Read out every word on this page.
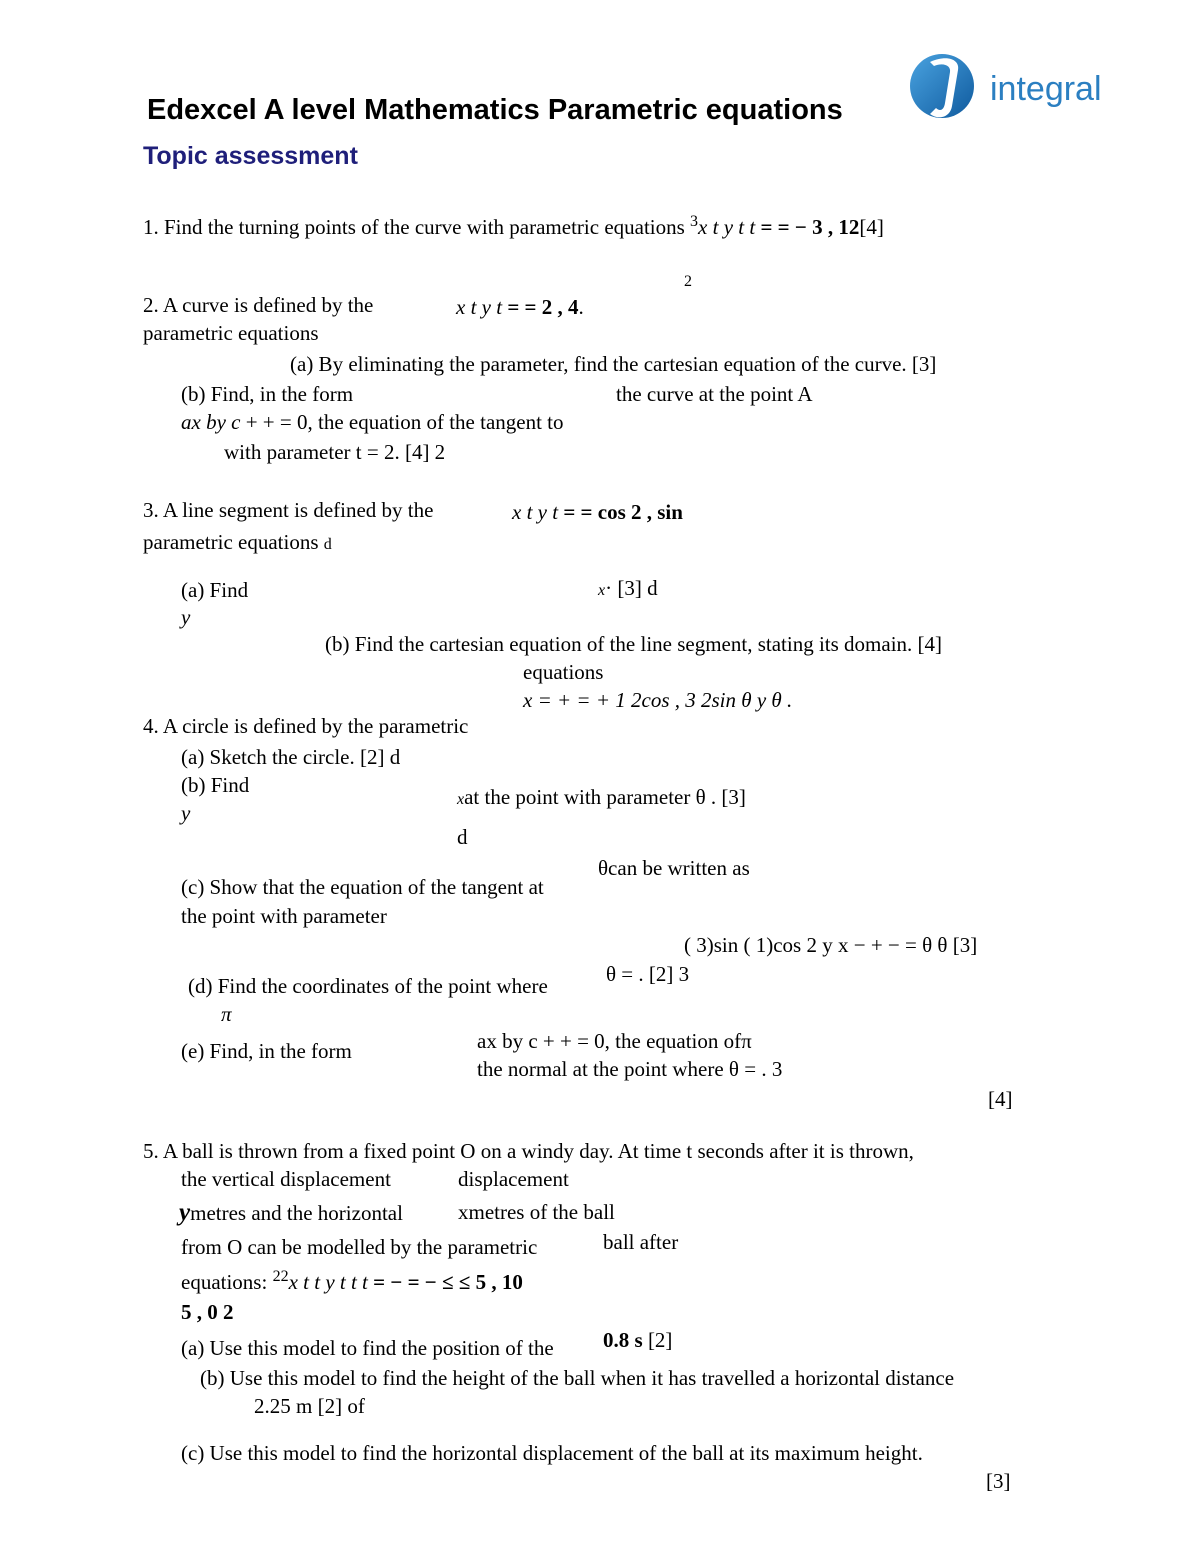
Edexcel A level Mathematics Parametric equations
Topic assessment
integral
1. Find the turning points of the curve with parametric equations $^3$x t y t t = = − 3 , 12[4]
2
2. A curve is defined by the	x t y t = = 2 , 4.
parametric equations
(a) By eliminating the parameter, find the cartesian equation of the curve. [3]
(b) Find, in the form	the curve at the point A
ax by c + + = 0, the equation of the tangent to
with parameter t = 2. [4] 2
3. A line segment is defined by the	x t y t = = cos 2 , sin
parametric equations d
(a) Find
y
x· [3] d
(b) Find the cartesian equation of the line segment, stating its domain. [4]
equations
x = + = + 1 2cos , 3 2sin θ y θ .
4. A circle is defined by the parametric
(a) Sketch the circle. [2] d
(b) Find
y
xat the point with parameter θ . [3]
d
θcan be written as
(c) Show that the equation of the tangent at
the point with parameter
( 3)sin ( 1)cos 2 y x − + − = θ θ [3]
(d) Find the coordinates of the point where	θ = . [2] 3
π
(e) Find, in the form	ax by c + + = 0, the equation ofπ
the normal at the point where θ = . 3
[4]
5. A ball is thrown from a fixed point O on a windy day. At time t seconds after it is thrown,
the vertical displacement	displacement
ymetres and the horizontal	xmetres of the ball
from O can be modelled by the parametric	ball after
equations: $^{22}$x t t y t t t = − = − ≤ ≤ 5 , 10
5 , 0 2
(a) Use this model to find the position of the 0.8 s [2]
(b) Use this model to find the height of the ball when it has travelled a horizontal distance
2.25 m [2] of
(c) Use this model to find the horizontal displacement of the ball at its maximum height.
[3]
